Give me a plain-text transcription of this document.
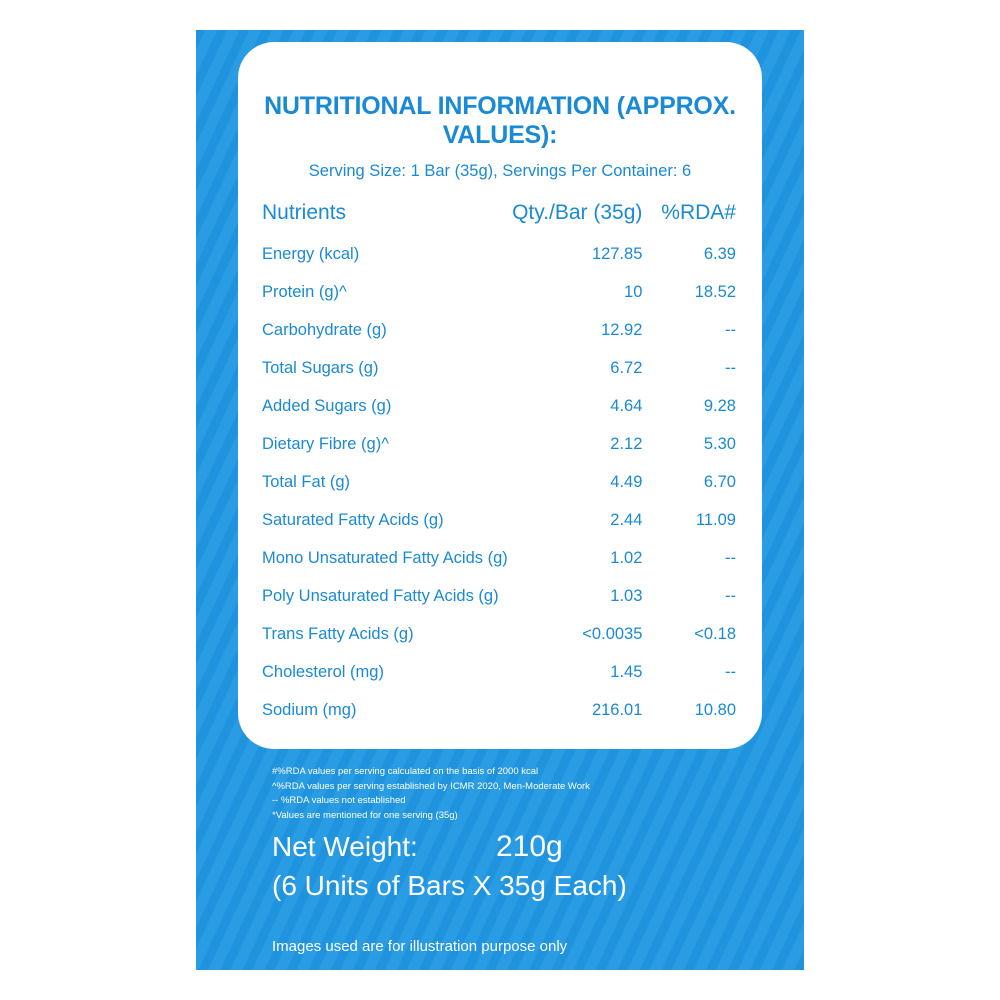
NUTRITIONAL INFORMATION (APPROX. VALUES):
Serving Size: 1 Bar (35g), Servings Per Container: 6
Nutrients	Qty./Bar (35g)	%RDA#
Energy (kcal)	127.85	6.39
Protein (g)^	10	18.52
Carbohydrate (g)	12.92	--
Total Sugars (g)	6.72	--
Added Sugars (g)	4.64	9.28
Dietary Fibre (g)^	2.12	5.30
Total Fat (g)	4.49	6.70
Saturated Fatty Acids (g)	2.44	11.09
Mono Unsaturated Fatty Acids (g)	1.02	--
Poly Unsaturated Fatty Acids (g)	1.03	--
Trans Fatty Acids (g)	<0.0035	<0.18
Cholesterol (mg)	1.45	--
Sodium (mg)	216.01	10.80
#%RDA values per serving calculated on the basis of 2000 kcal
^%RDA values per serving established by ICMR 2020, Men-Moderate Work
-- %RDA values not established
*Values are mentioned for one serving (35g)
Net Weight:	210g
(6 Units of Bars X 35g Each)
Images used are for illustration purpose only
